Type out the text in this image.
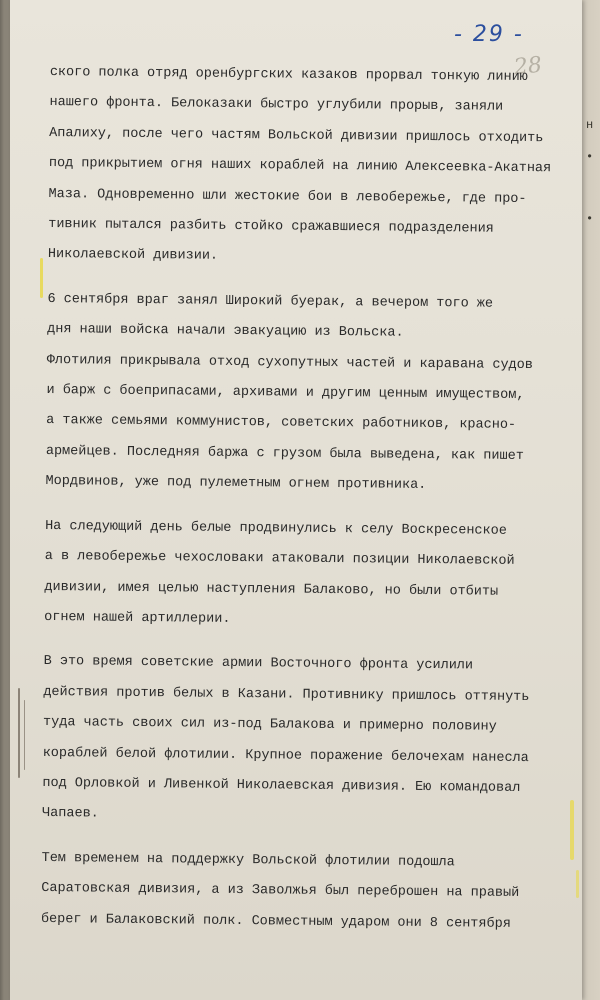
н
•
•
- 29 -
28
ского полка отряд оренбургских казаков прорвал тонкую линию
нашего фронта. Белоказаки быстро углубили прорыв, заняли
Апалиху, после чего частям Вольской дивизии пришлось отходить
под прикрытием огня наших кораблей на линию Алексеевка-Акатная
Маза. Одновременно шли жестокие бои в левобережье, где про-
тивник пытался разбить стойко сражавшиеся подразделения
Николаевской дивизии.
6 сентября враг занял Широкий буерак, а вечером того же
дня наши войска начали эвакуацию из Вольска.
Флотилия прикрывала отход сухопутных частей и каравана судов
и барж с боеприпасами, архивами и другим ценным имуществом,
а также семьями коммунистов, советских работников, красно-
армейцев. Последняя баржа с грузом была выведена, как пишет
Мордвинов, уже под пулеметным огнем противника.
На следующий день белые продвинулись к селу Воскресенское
а в левобережье чехословаки атаковали позиции Николаевской
дивизии, имея целью наступления Балаково, но были отбиты
огнем нашей артиллерии.
В это время советские армии Восточного фронта усилили
действия против белых в Казани. Противнику пришлось оттянуть
туда часть своих сил из-под Балакова и примерно половину
кораблей белой флотилии. Крупное поражение белочехам нанесла
под Орловкой и Ливенкой Николаевская дивизия. Ею командовал
Чапаев.
Тем временем на поддержку Вольской флотилии подошла
Саратовская дивизия, а из Заволжья был переброшен на правый
берег и Балаковский полк. Совместным ударом они 8 сентября
